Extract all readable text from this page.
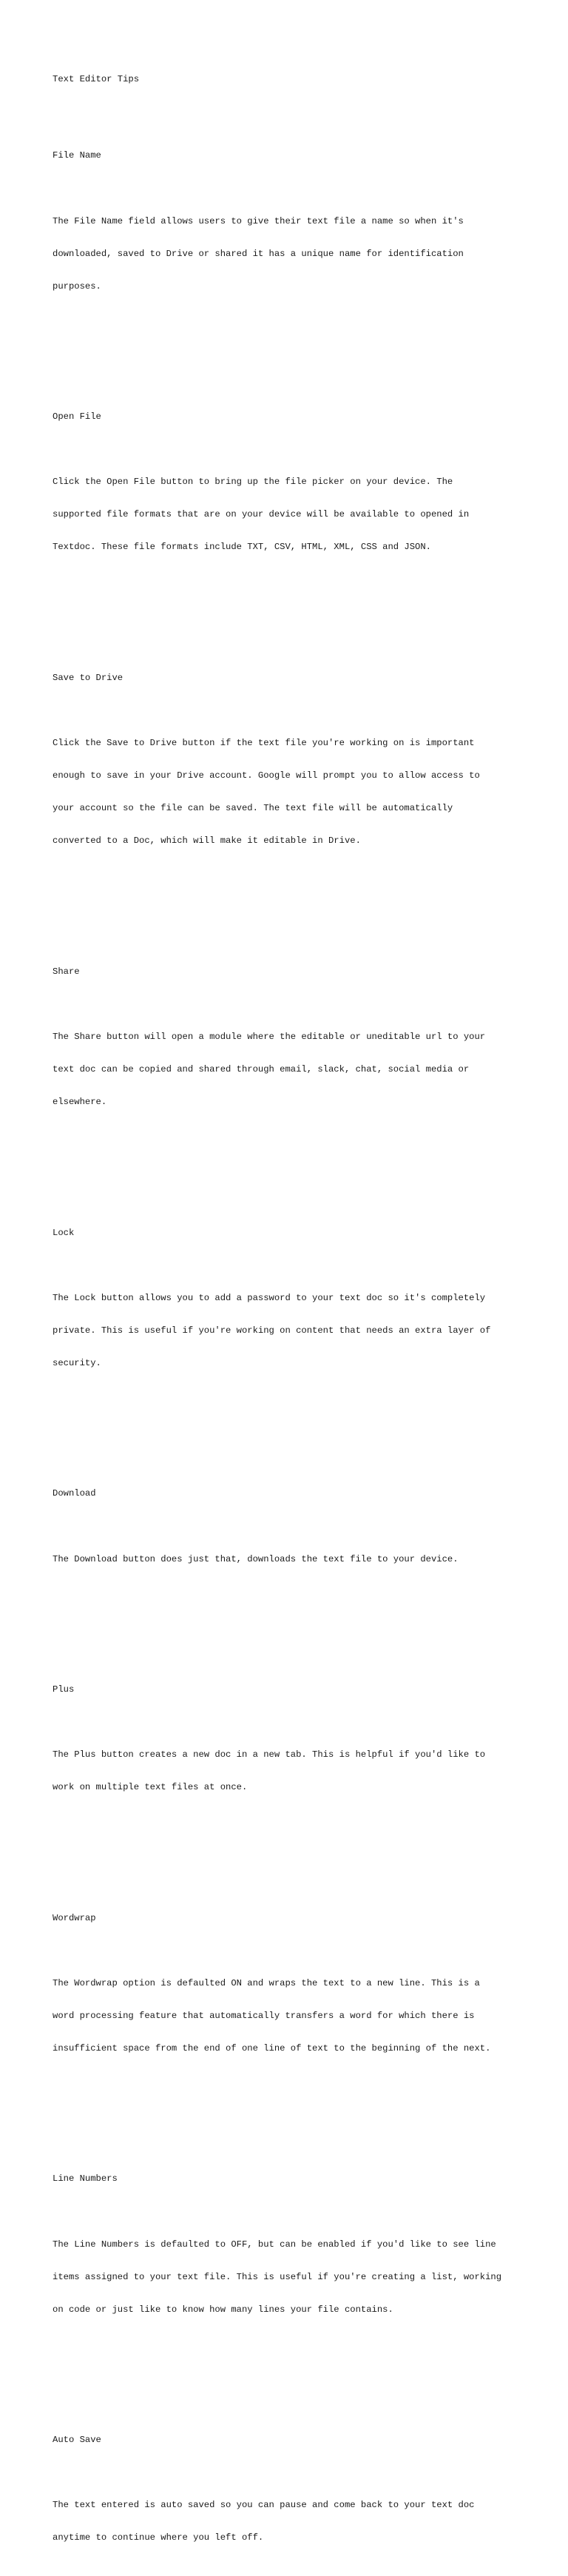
Text Editor Tips

File Name

The File Name field allows users to give their text file a name so when it's

downloaded, saved to Drive or shared it has a unique name for identification

purposes.

Open File

Click the Open File button to bring up the file picker on your device. The

supported file formats that are on your device will be available to opened in

Textdoc. These file formats include TXT, CSV, HTML, XML, CSS and JSON.

Save to Drive

Click the Save to Drive button if the text file you're working on is important

enough to save in your Drive account. Google will prompt you to allow access to

your account so the file can be saved. The text file will be automatically

converted to a Doc, which will make it editable in Drive.

Share

The Share button will open a module where the editable or uneditable url to your

text doc can be copied and shared through email, slack, chat, social media or

elsewhere.

Lock

The Lock button allows you to add a password to your text doc so it's completely

private. This is useful if you're working on content that needs an extra layer of

security.

Download

The Download button does just that, downloads the text file to your device.

Plus

The Plus button creates a new doc in a new tab. This is helpful if you'd like to

work on multiple text files at once.

Wordwrap

The Wordwrap option is defaulted ON and wraps the text to a new line. This is a

word processing feature that automatically transfers a word for which there is

insufficient space from the end of one line of text to the beginning of the next.

Line Numbers

The Line Numbers is defaulted to OFF, but can be enabled if you'd like to see line

items assigned to your text file. This is useful if you're creating a list, working

on code or just like to know how many lines your file contains.

Auto Save

The text entered is auto saved so you can pause and come back to your text doc

anytime to continue where you left off.
